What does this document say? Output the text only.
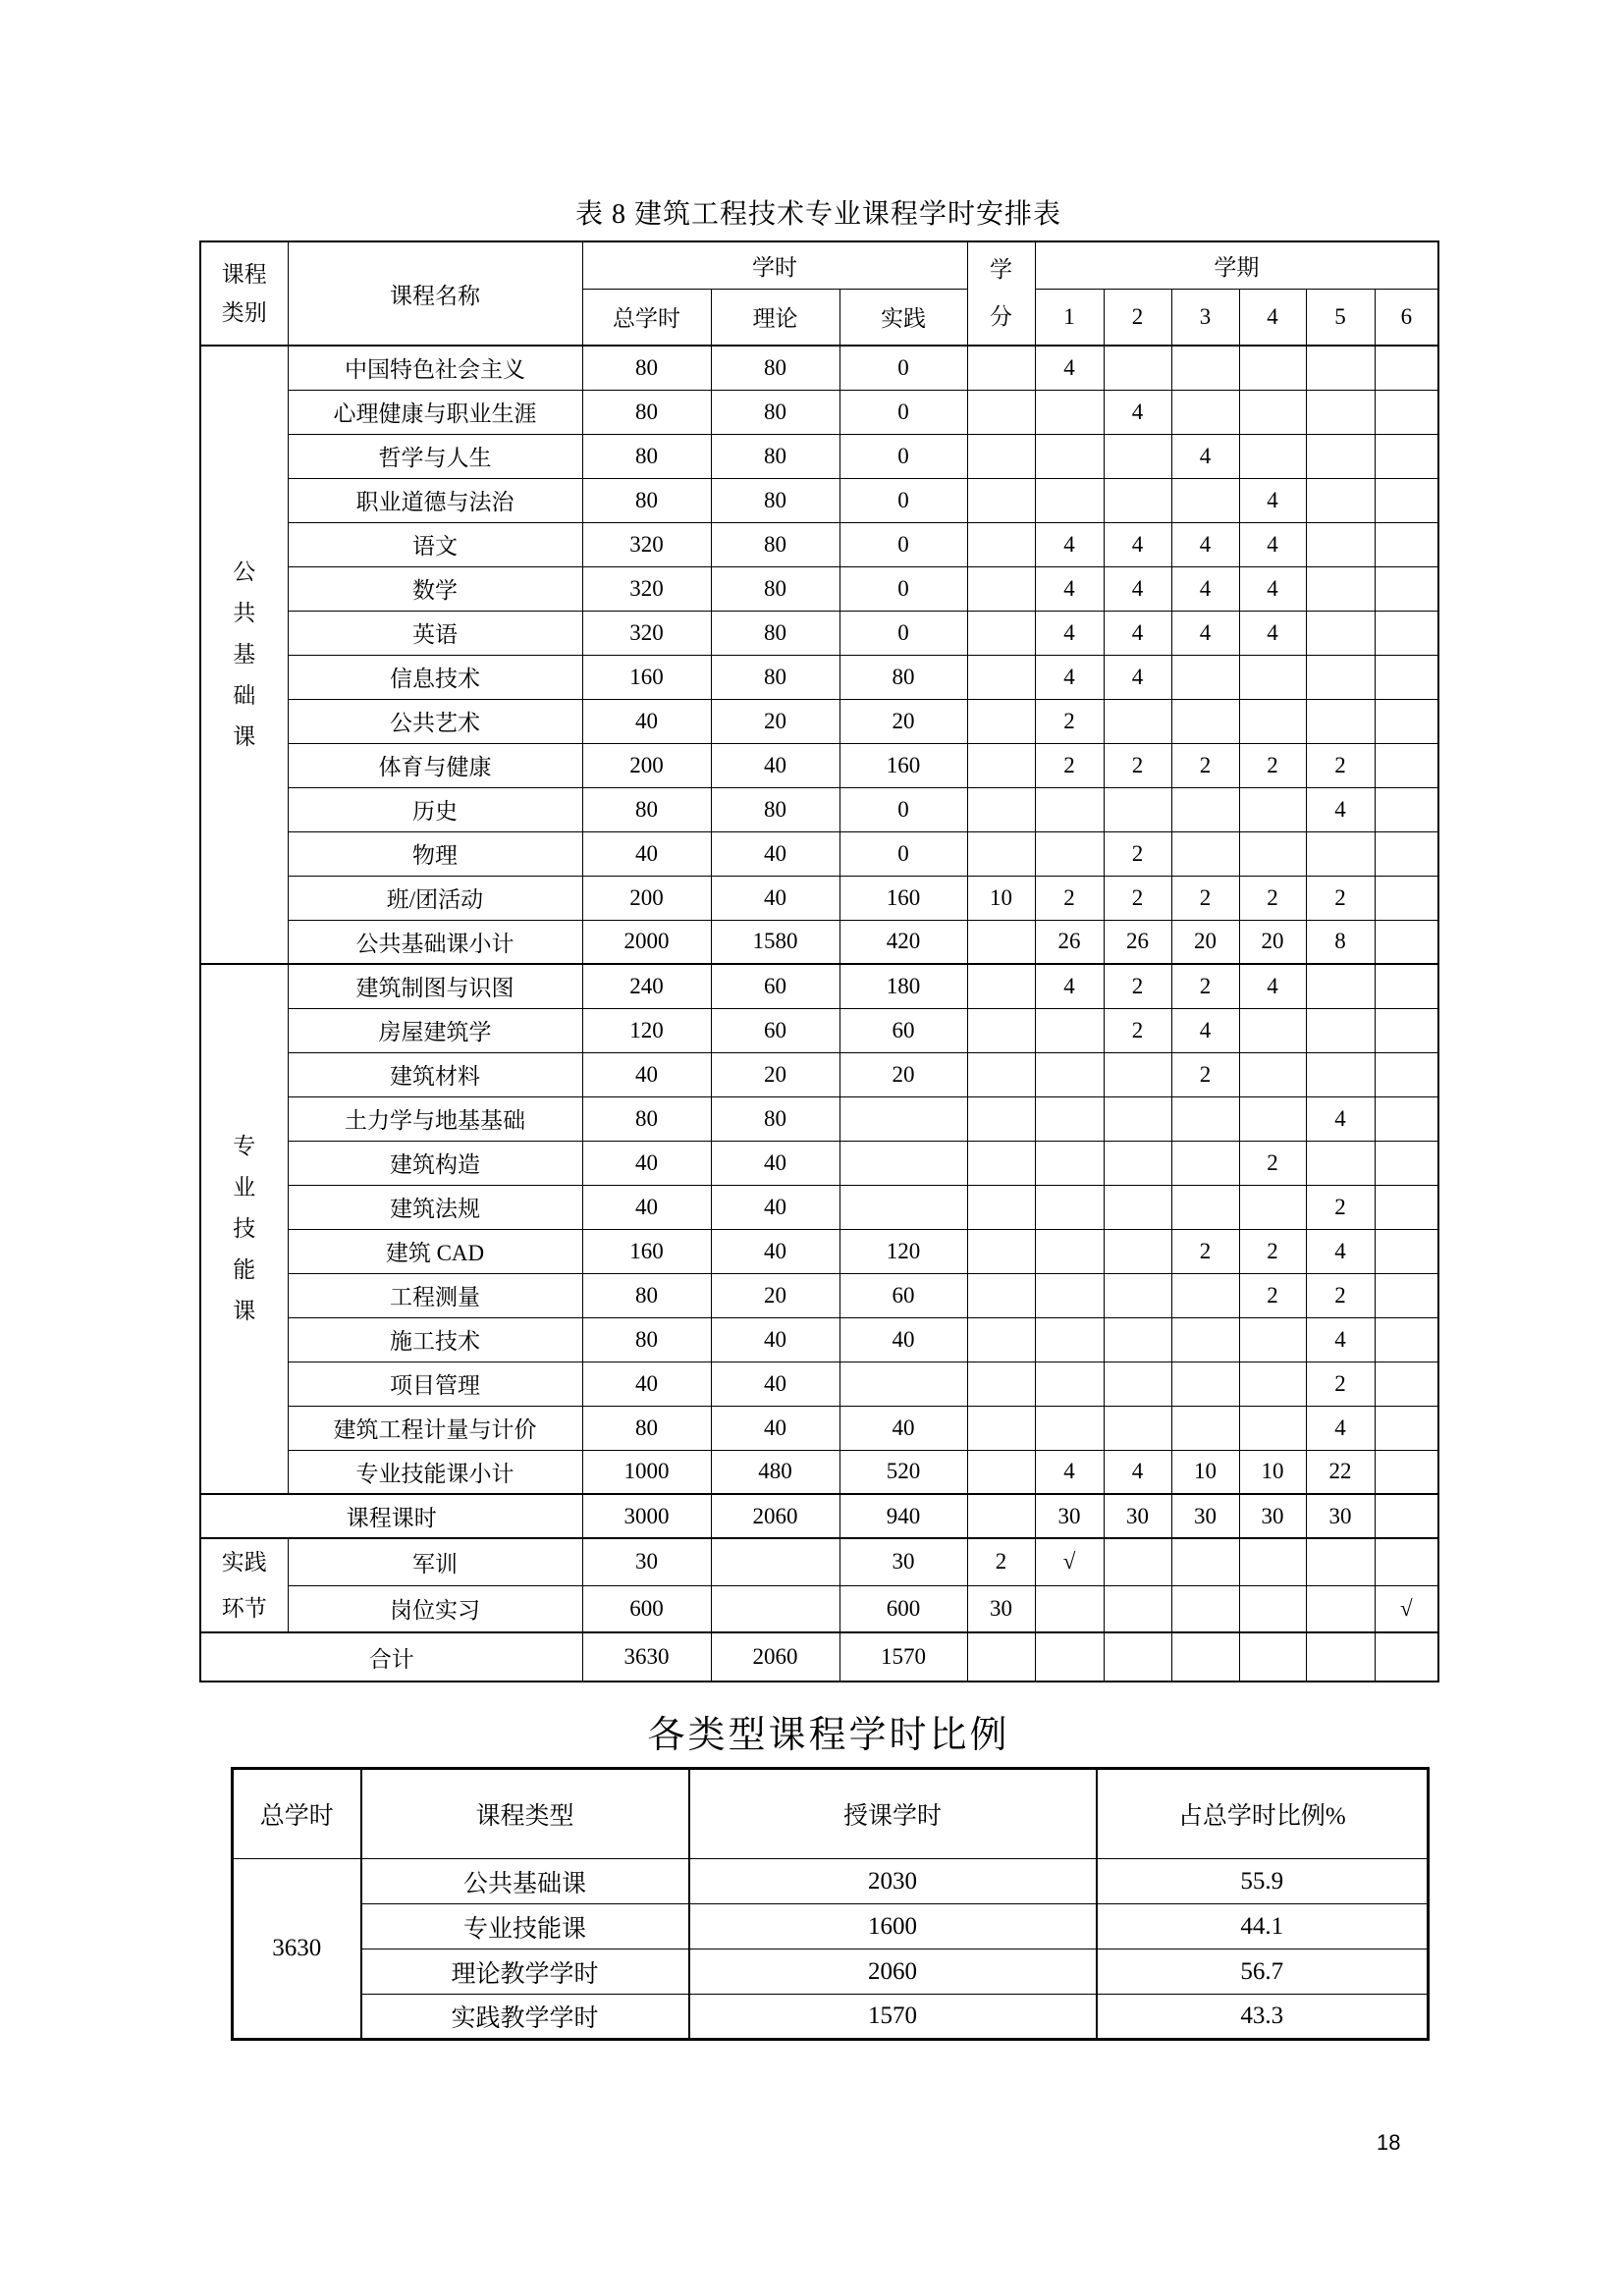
表 8 建筑工程技术专业课程学时安排表
课程类别	课程名称	学时			学分	学期					
		总学时	理论	实践		1	2	3	4	5	6

公共基础课	中国特色社会主义	80	80	0		4					
	心理健康与职业生涯	80	80	0			4				
	哲学与人生	80	80	0				4			
	职业道德与法治	80	80	0					4		
	语文	320	80	0		4	4	4	4		
	数学	320	80	0		4	4	4	4		
	英语	320	80	0		4	4	4	4		
	信息技术	160	80	80		4	4				
	公共艺术	40	20	20		2					
	体育与健康	200	40	160		2	2	2	2	2	
	历史	80	80	0						4	
	物理	40	40	0			2				
	班/团活动	200	40	160	10	2	2	2	2	2	
	公共基础课小计	2000	1580	420		26	26	20	20	8	

专业技能课	建筑制图与识图	240	60	180		4	2	2	4		
	房屋建筑学	120	60	60			2	4			
	建筑材料	40	20	20				2			
	土力学与地基基础	80	80							4	
	建筑构造	40	40						2		
	建筑法规	40	40							2	
	建筑 CAD	160	40	120				2	2	4	
	工程测量	80	20	60					2	2	
	施工技术	80	40	40						4	
	项目管理	40	40							2	
	建筑工程计量与计价	80	40	40						4	
	专业技能课小计	1000	480	520		4	4	10	10	22	
课程课时		3000	2060	940		30	30	30	30	30	

实践环节	军训	30		30	2	√					
	岗位实习	600		600	30						√
合计		3630	2060	1570							
各类型课程学时比例
总学时	课程类型	授课学时	占总学时比例%
3630	公共基础课	2030	55.9
	专业技能课	1600	44.1
	理论教学学时	2060	56.7
	实践教学学时	1570	43.3
18
